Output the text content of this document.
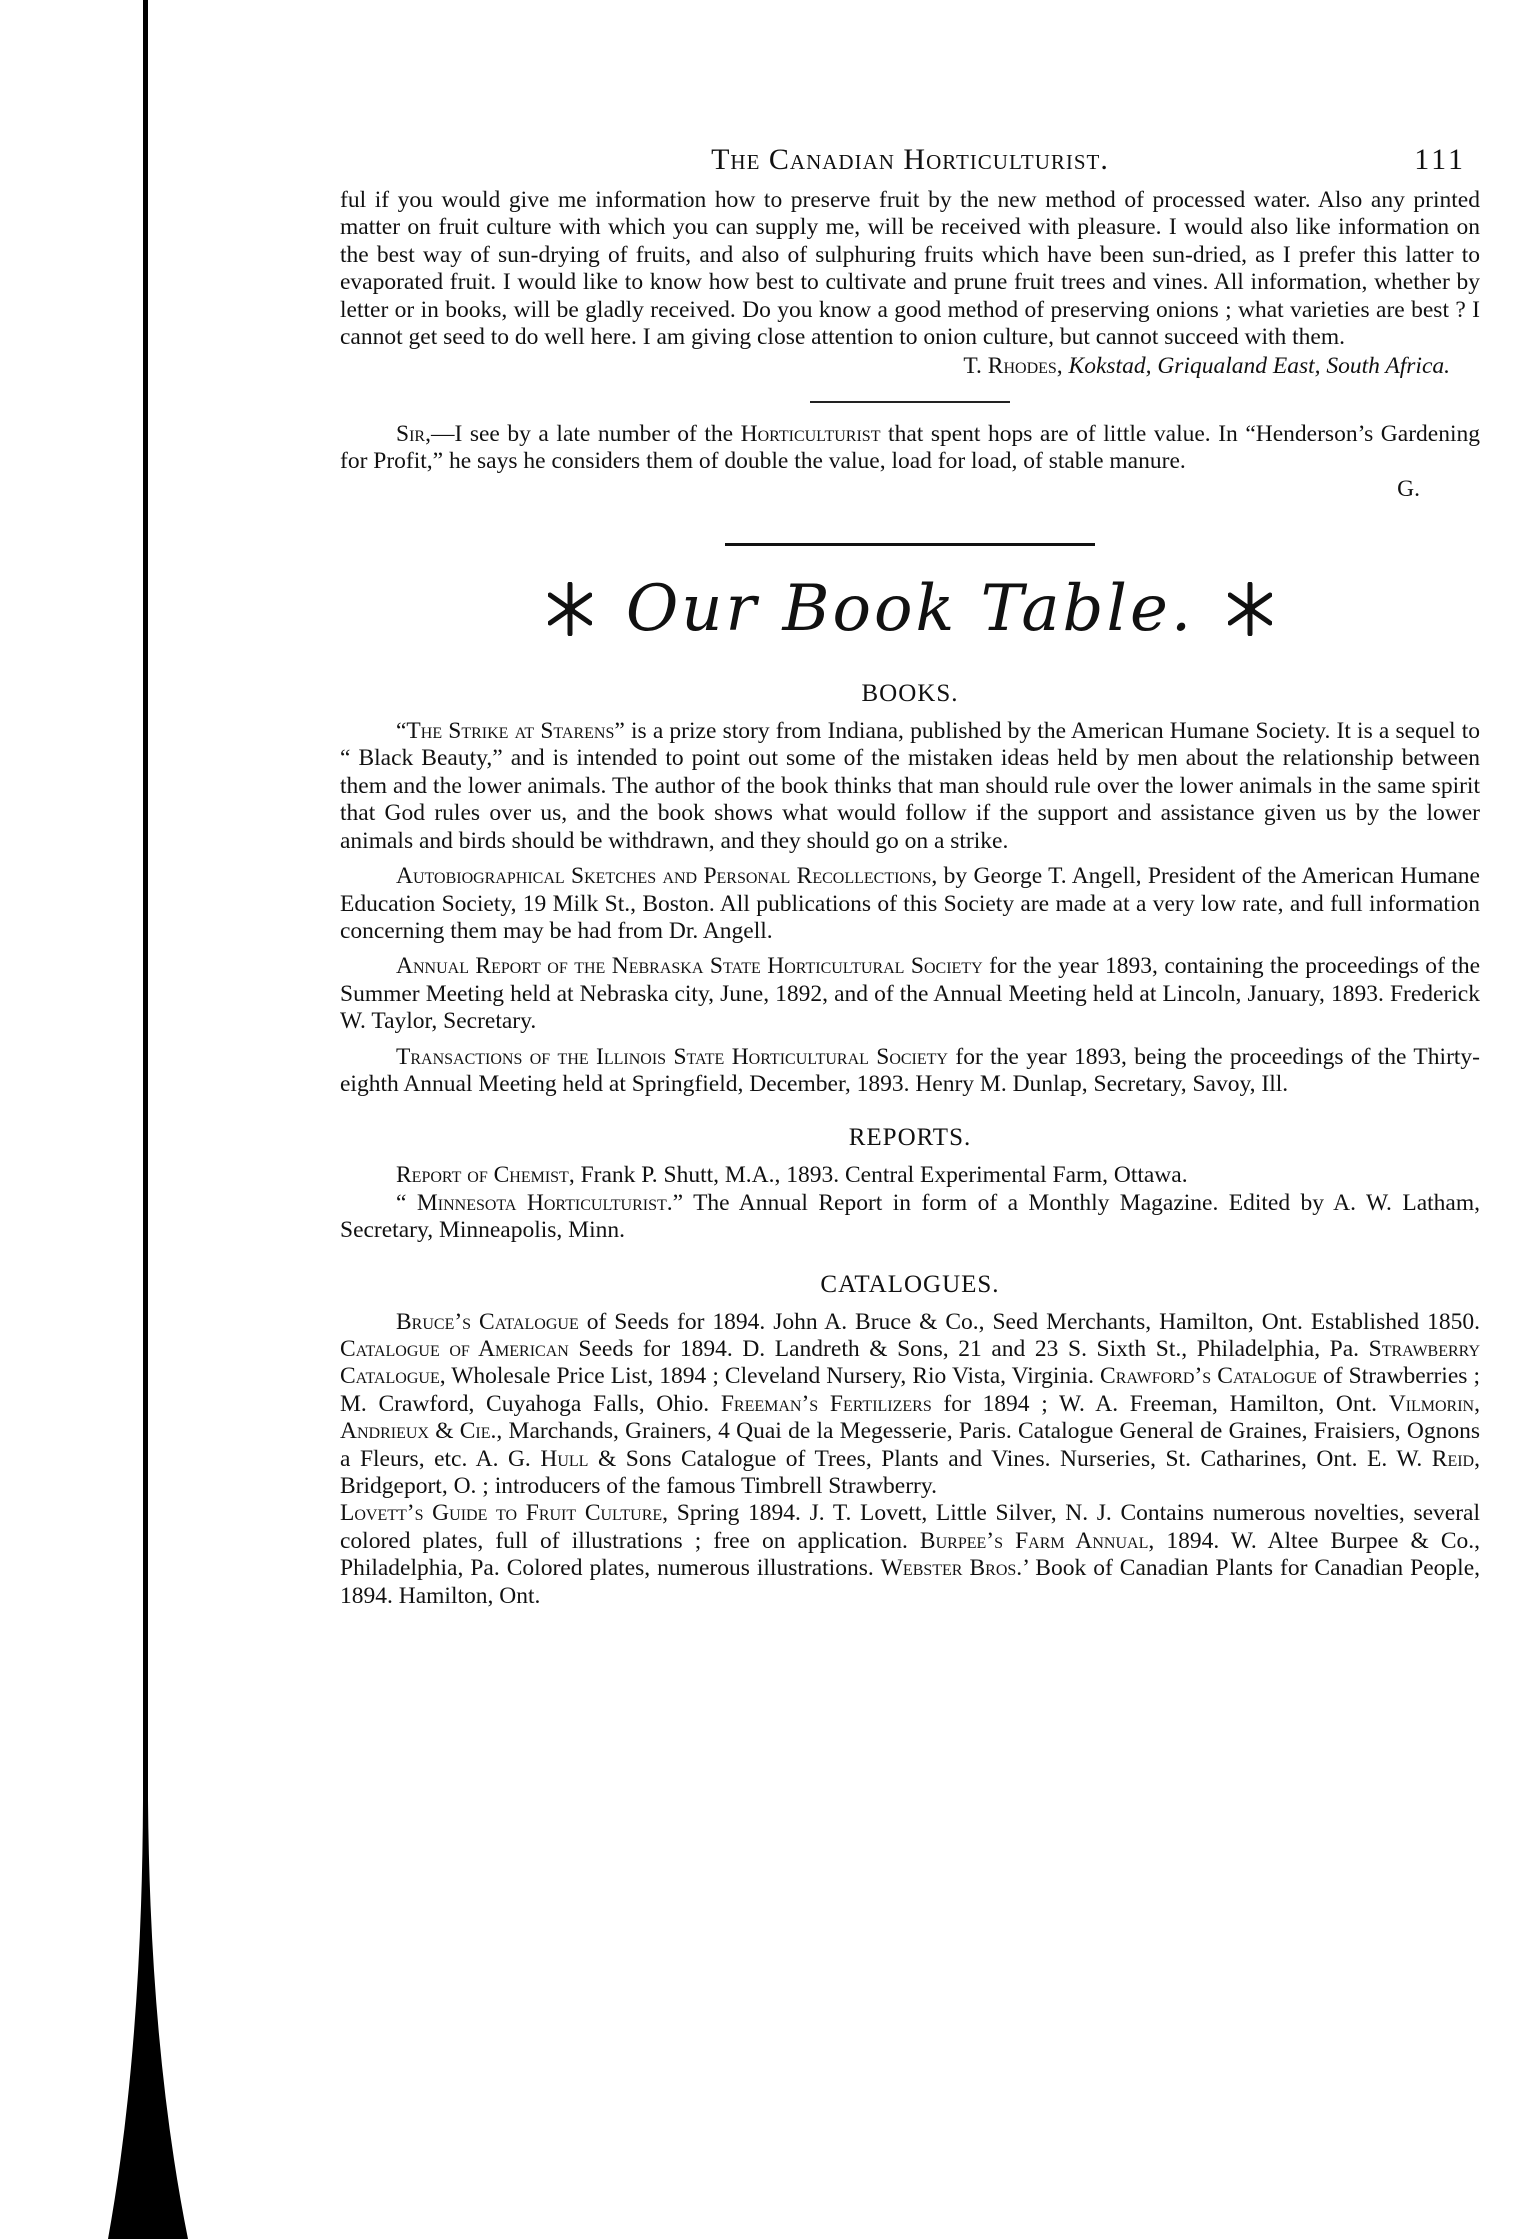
The Canadian Horticulturist.	111

ful if you would give me information how to preserve fruit by the new method of processed water. Also any printed matter on fruit culture with which you can supply me, will be received with pleasure. I would also like information on the best way of sun-drying of fruits, and also of sulphuring fruits which have been sun-dried, as I prefer this latter to evaporated fruit. I would like to know how best to cultivate and prune fruit trees and vines. All information, whether by letter or in books, will be gladly received. Do you know a good method of preserving onions ; what varieties are best ? I cannot get seed to do well here. I am giving close attention to onion culture, but cannot succeed with them.

T. Rhodes, Kokstad, Griqualand East, South Africa.

Sir,—I see by a late number of the Horticulturist that spent hops are of little value. In “Henderson’s Gardening for Profit,” he says he considers them of double the value, load for load, of stable manure.

G.

Our Book Table.
BOOKS.

“The Strike at Starens” is a prize story from Indiana, published by the American Humane Society. It is a sequel to “ Black Beauty,” and is intended to point out some of the mistaken ideas held by men about the relationship between them and the lower animals. The author of the book thinks that man should rule over the lower animals in the same spirit that God rules over us, and the book shows what would follow if the support and assistance given us by the lower animals and birds should be withdrawn, and they should go on a strike.

Autobiographical Sketches and Personal Recollections, by George T. Angell, President of the American Humane Education Society, 19 Milk St., Boston. All publications of this Society are made at a very low rate, and full information concerning them may be had from Dr. Angell.

Annual Report of the Nebraska State Horticultural Society for the year 1893, containing the proceedings of the Summer Meeting held at Nebraska city, June, 1892, and of the Annual Meeting held at Lincoln, January, 1893. Frederick W. Taylor, Secretary.

Transactions of the Illinois State Horticultural Society for the year 1893, being the proceedings of the Thirty-eighth Annual Meeting held at Springfield, December, 1893. Henry M. Dunlap, Secretary, Savoy, Ill.

REPORTS.

Report of Chemist, Frank P. Shutt, M.A., 1893. Central Experimental Farm, Ottawa.

“ Minnesota Horticulturist.” The Annual Report in form of a Monthly Magazine. Edited by A. W. Latham, Secretary, Minneapolis, Minn.

CATALOGUES.

Bruce’s Catalogue of Seeds for 1894. John A. Bruce & Co., Seed Merchants, Hamilton, Ont. Established 1850. Catalogue of American Seeds for 1894. D. Landreth & Sons, 21 and 23 S. Sixth St., Philadelphia, Pa. Strawberry Catalogue, Wholesale Price List, 1894 ; Cleveland Nursery, Rio Vista, Virginia. Crawford’s Catalogue of Strawberries ; M. Crawford, Cuyahoga Falls, Ohio. Freeman’s Fertilizers for 1894 ; W. A. Freeman, Hamilton, Ont. Vilmorin, Andrieux & Cie., Marchands, Grainers, 4 Quai de la Megesserie, Paris. Catalogue General de Graines, Fraisiers, Ognons a Fleurs, etc. A. G. Hull & Sons Catalogue of Trees, Plants and Vines. Nurseries, St. Catharines, Ont. E. W. Reid, Bridgeport, O. ; introducers of the famous Timbrell Strawberry.

Lovett’s Guide to Fruit Culture, Spring 1894. J. T. Lovett, Little Silver, N. J. Contains numerous novelties, several colored plates, full of illustrations ; free on application. Burpee’s Farm Annual, 1894. W. Altee Burpee & Co., Philadelphia, Pa. Colored plates, numerous illustrations. Webster Bros.’ Book of Canadian Plants for Canadian People, 1894. Hamilton, Ont.
